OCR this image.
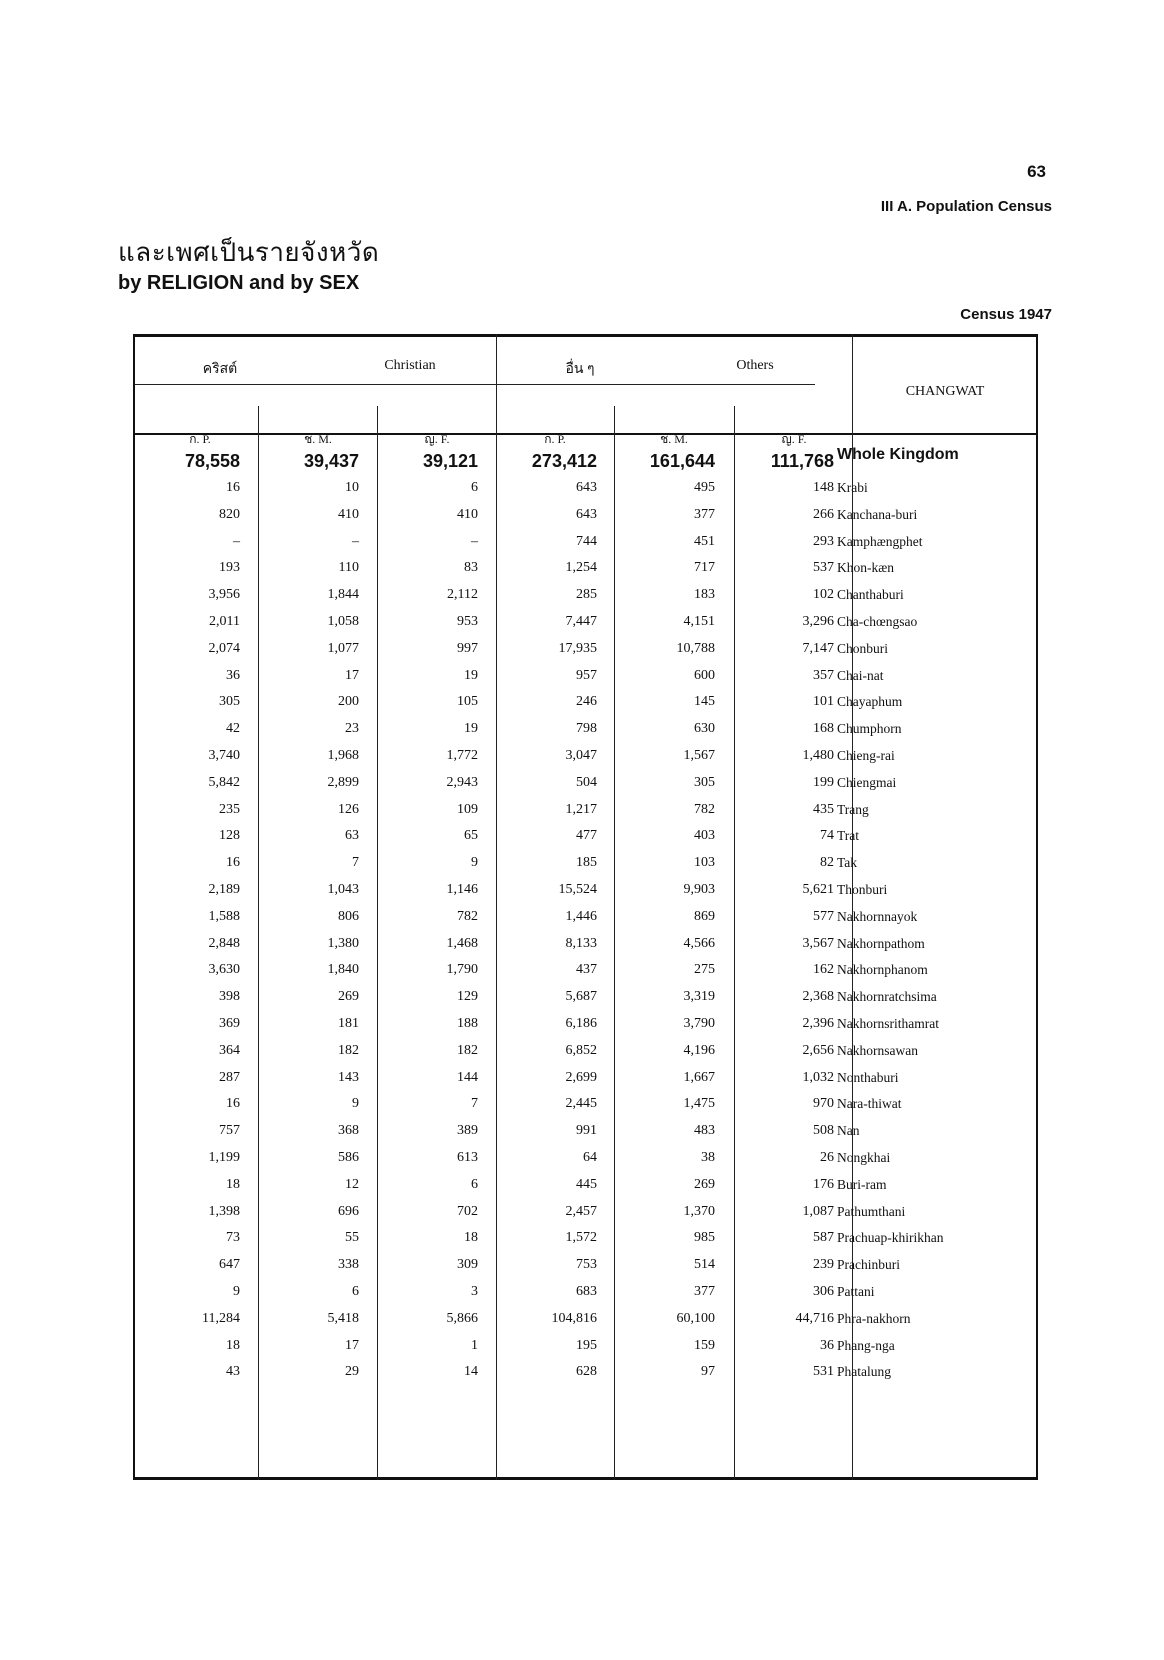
63
III A. Population Census
และเพศเป็นรายจังหวัด
by RELIGION and by SEX
Census 1947
คริสต์	Christian	อื่น ๆ	Others
CHANGWAT
ก. P.	ช. M.	ญ. F.	ก. P.	ช. M.	ญ. F.
78,558	39,437	39,121	273,412	161,644	111,768 Whole Kingdom
16	10	6	643	495	148 Krabi
820	410	410	643	377	266 Kanchana-buri
–	–	–	744	451	293 Kamphængphet
193	110	83	1,254	717	537 Khon-kæn
3,956	1,844	2,112	285	183	102 Chanthaburi
2,011	1,058	953	7,447	4,151	3,296 Cha-chœngsao
2,074	1,077	997	17,935	10,788	7,147 Chonburi
36	17	19	957	600	357 Chai-nat
305	200	105	246	145	101 Chayaphum
42	23	19	798	630	168 Chumphorn
3,740	1,968	1,772	3,047	1,567	1,480 Chieng-rai
5,842	2,899	2,943	504	305	199 Chiengmai
235	126	109	1,217	782	435 Trang
128	63	65	477	403	74 Trat
16	7	9	185	103	82 Tak
2,189	1,043	1,146	15,524	9,903	5,621 Thonburi
1,588	806	782	1,446	869	577 Nakhornnayok
2,848	1,380	1,468	8,133	4,566	3,567 Nakhornpathom
3,630	1,840	1,790	437	275	162 Nakhornphanom
398	269	129	5,687	3,319	2,368 Nakhornratchsima
369	181	188	6,186	3,790	2,396 Nakhornsrithamrat
364	182	182	6,852	4,196	2,656 Nakhornsawan
287	143	144	2,699	1,667	1,032 Nonthaburi
16	9	7	2,445	1,475	970 Nara-thiwat
757	368	389	991	483	508 Nan
1,199	586	613	64	38	26 Nongkhai
18	12	6	445	269	176 Buri-ram
1,398	696	702	2,457	1,370	1,087 Pathumthani
73	55	18	1,572	985	587 Prachuap-khirikhan
647	338	309	753	514	239 Prachinburi
9	6	3	683	377	306 Pattani
11,284	5,418	5,866	104,816	60,100	44,716 Phra-nakhorn
18	17	1	195	159	36 Phang-nga
43	29	14	628	97	531 Phatalung
